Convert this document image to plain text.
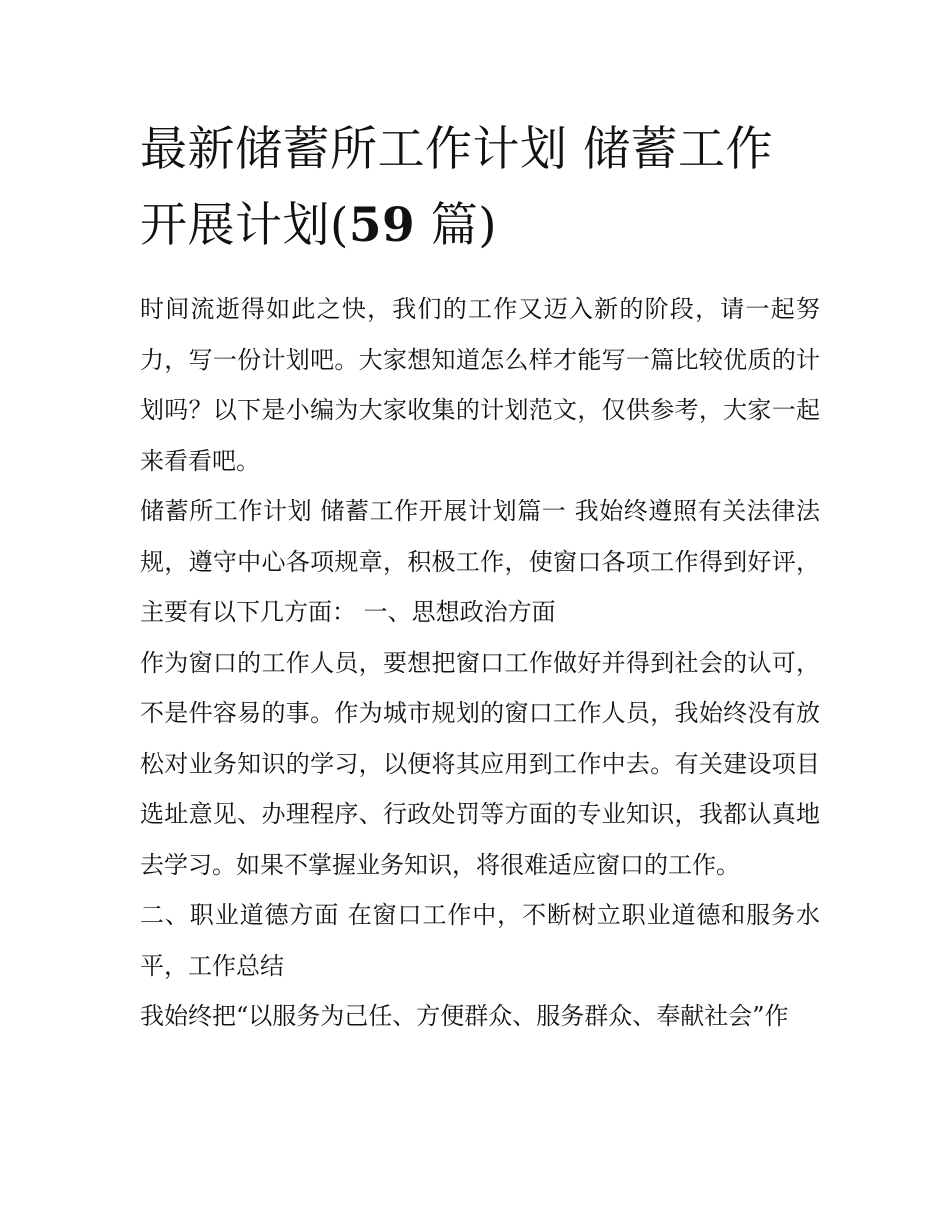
最新储蓄所工作计划 储蓄工作开展计划(59 篇)

时间流逝得如此之快，我们的工作又迈入新的阶段，请一起努力，写一份计划吧。大家想知道怎么样才能写一篇比较优质的计划吗？以下是小编为大家收集的计划范文，仅供参考，大家一起来看看吧。

储蓄所工作计划 储蓄工作开展计划篇一 我始终遵照有关法律法规，遵守中心各项规章，积极工作，使窗口各项工作得到好评，主要有以下几方面： 一、思想政治方面

作为窗口的工作人员，要想把窗口工作做好并得到社会的认可，不是件容易的事。作为城市规划的窗口工作人员，我始终没有放松对业务知识的学习，以便将其应用到工作中去。有关建设项目选址意见、办理程序、行政处罚等方面的专业知识，我都认真地去学习。如果不掌握业务知识，将很难适应窗口的工作。

二、职业道德方面 在窗口工作中，不断树立职业道德和服务水平，工作总结

我始终把“以服务为己任、方便群众、服务群众、奉献社会”作
